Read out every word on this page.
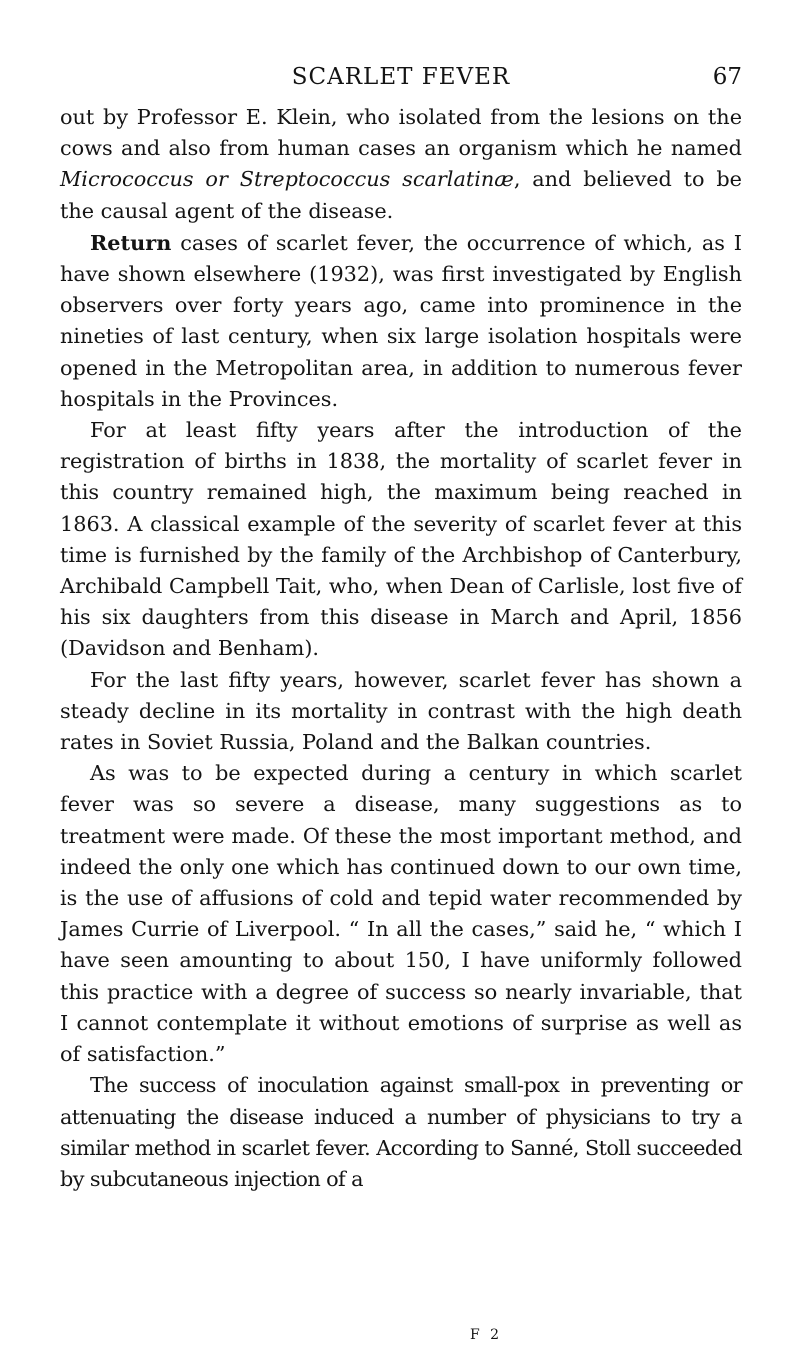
SCARLET FEVER	67

out by Professor E. Klein, who isolated from the lesions on the cows and also from human cases an organism which he named Micrococcus or Streptococcus scarlatinæ, and believed to be the causal agent of the disease.

Return cases of scarlet fever, the occurrence of which, as I have shown elsewhere (1932), was first investigated by English observers over forty years ago, came into prominence in the nineties of last century, when six large isolation hospitals were opened in the Metropolitan area, in addition to numerous fever hospitals in the Provinces.

For at least fifty years after the introduction of the registration of births in 1838, the mortality of scarlet fever in this country remained high, the maximum being reached in 1863. A classical example of the severity of scarlet fever at this time is furnished by the family of the Archbishop of Canterbury, Archibald Campbell Tait, who, when Dean of Carlisle, lost five of his six daughters from this disease in March and April, 1856 (Davidson and Benham).

For the last fifty years, however, scarlet fever has shown a steady decline in its mortality in contrast with the high death rates in Soviet Russia, Poland and the Balkan countries.

As was to be expected during a century in which scarlet fever was so severe a disease, many suggestions as to treatment were made. Of these the most important method, and indeed the only one which has continued down to our own time, is the use of affusions of cold and tepid water recommended by James Currie of Liverpool. “ In all the cases,” said he, “ which I have seen amounting to about 150, I have uniformly followed this practice with a degree of success so nearly invariable, that I cannot contemplate it without emotions of surprise as well as of satisfaction.”

The success of inoculation against small-pox in preventing or attenuating the disease induced a number of physicians to try a similar method in scarlet fever. According to Sanné, Stoll succeeded by subcutaneous injection of a

F 2
